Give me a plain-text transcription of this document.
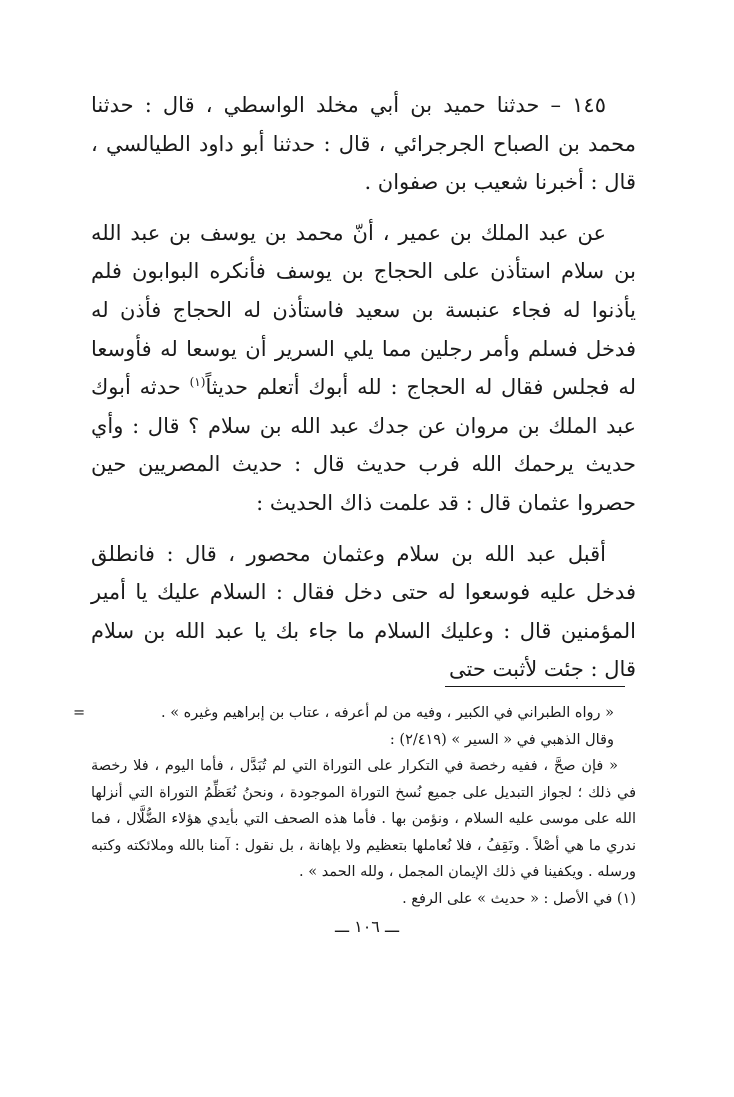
١٤٥ – حدثنا حميد بن أبي مخلد الواسطي ، قال : حدثنا محمد بن الصباح الجرجرائي ، قال : حدثنا أبو داود الطيالسي ، قال : أخبرنا شعيب بن صفوان .

عن عبد الملك بن عمير ، أنّ محمد بن يوسف بن عبد الله بن سلام استأذن على الحجاج بن يوسف فأنكره البوابون فلم يأذنوا له فجاء عنبسة بن سعيد فاستأذن له الحجاج فأذن له فدخل فسلم وأمر رجلين مما يلي السرير أن يوسعا له فأوسعا له فجلس فقال له الحجاج : لله أبوك أتعلم حديثاً$^{(١)}$ حدثه أبوك عبد الملك بن مروان عن جدك عبد الله بن سلام ؟ قال : وأي حديث يرحمك الله فرب حديث قال : حديث المصريين حين حصروا عثمان قال : قد علمت ذاك الحديث :

أقبل عبد الله بن سلام وعثمان محصور ، قال : فانطلق فدخل عليه فوسعوا له حتى دخل فقال : السلام عليك يا أمير المؤمنين قال : وعليك السلام ما جاء بك يا عبد الله بن سلام قال : جئت لأثبت حتى

=	« رواه الطبراني في الكبير ، وفيه من لم أعرفه ، عتاب بن إبراهيم وغيره » .

وقال الذهبي في « السير » (٢/٤١٩) :

« فإن صحَّ ، ففيه رخصة في التكرار على التوراة التي لم تُبَدَّل ، فأما اليوم ، فلا رخصة في ذلك ؛ لجواز التبديل على جميع نُسخ التوراة الموجودة ، ونحنُ نُعَظِّمُ التوراة التي أنزلها الله على موسى عليه السلام ، ونؤمن بها . فأما هذه الصحف التي بأيدي هؤلاء الضُّلَّال ، فما ندري ما هي أصْلاً . ونَقِفُ ، فلا نُعاملها بتعظيم ولا بإهانة ، بل نقول : آمنا بالله وملائكته وكتبه ورسله . ويكفينا في ذلك الإيمان المجمل ، ولله الحمد » .

(١) في الأصل : « حديث » على الرفع .

ـــ ١٠٦ ـــ
